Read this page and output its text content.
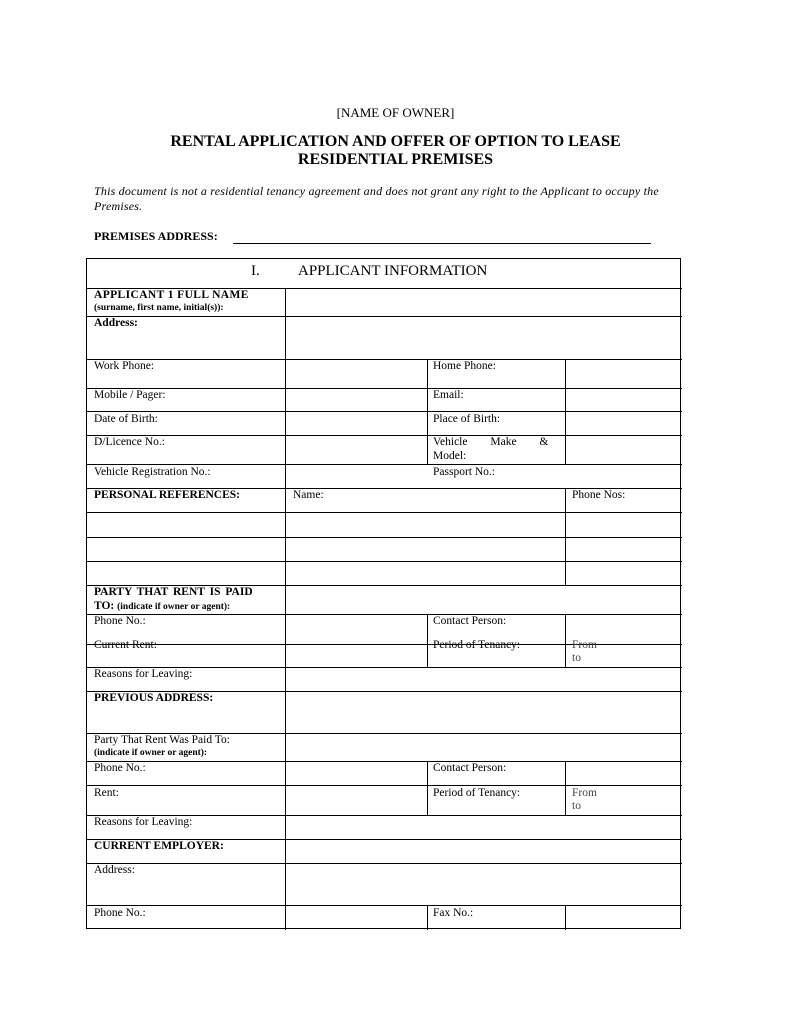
[NAME OF OWNER]
RENTAL APPLICATION AND OFFER OF OPTION TO LEASE
RESIDENTIAL PREMISES
This document is not a residential tenancy agreement and does not grant any right to the Applicant to occupy the Premises.
PREMISES ADDRESS:
I.	APPLICANT INFORMATION
APPLICANT 1 FULL NAME
(surname, first name, initial(s)):
Address:
Work Phone:	Home Phone:
Mobile / Pager:	Email:
Date of Birth:	Place of Birth:
D/Licence No.:	Vehicle Make &
Model:
Vehicle Registration No.:	Passport No.:
PERSONAL REFERENCES:	Name:	Phone Nos:
PARTY THAT RENT IS PAID
TO: (indicate if owner or agent):
Phone No.:	Contact Person:
Current Rent:	Period of Tenancy:	From
to
Reasons for Leaving:
PREVIOUS ADDRESS:
Party That Rent Was Paid To:
(indicate if owner or agent):
Phone No.:	Contact Person:
Rent:	Period of Tenancy:	From
to
Reasons for Leaving:
CURRENT EMPLOYER:
Address:
Phone No.:	Fax No.:
